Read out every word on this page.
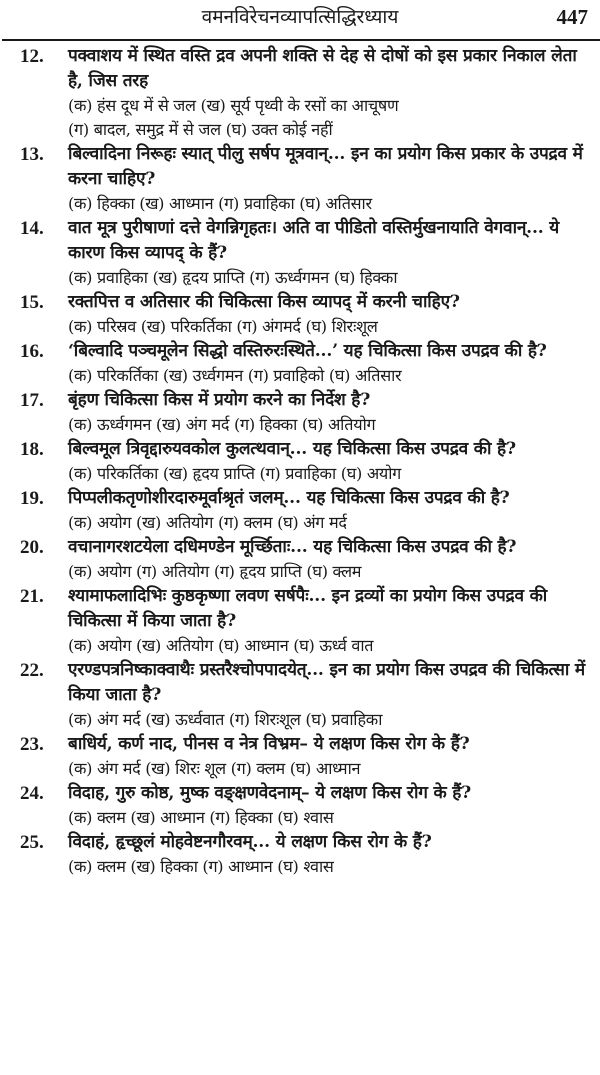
वमनविरेचनव्यापत्सिद्धिरध्याय	447
12. पक्वाशय में स्थित वस्ति द्रव अपनी शक्ति से देह से दोषों को इस प्रकार निकाल लेता है, जिस तरह
(क) हंस दूध में से जल (ख) सूर्य पृथ्वी के रसों का आचूषण
(ग) बादल, समुद्र में से जल (घ) उक्त कोई नहीं
13. बिल्वादिना निरूहः स्यात् पीलु सर्षप मूत्रवान्... इन का प्रयोग किस प्रकार के उपद्रव में करना चाहिए?
(क) हिक्का (ख) आध्मान (ग) प्रवाहिका (घ) अतिसार
14. वात मूत्र पुरीषाणां दत्ते वेगन्निगृहतः। अति वा पीडितो वस्तिर्मुखनायाति वेगवान्... ये कारण किस व्यापद् के हैं?
(क) प्रवाहिका (ख) हृदय प्राप्ति (ग) ऊर्ध्वगमन (घ) हिक्का
15. रक्तपित्त व अतिसार की चिकित्सा किस व्यापद् में करनी चाहिए?
(क) परिस्रव (ख) परिकर्तिका (ग) अंगमर्द (घ) शिरःशूल
16. ‘बिल्वादि पञ्चमूलेन सिद्धो वस्तिरुरःस्थिते...’ यह चिकित्सा किस उपद्रव की है?
(क) परिकर्तिका (ख) उर्ध्वगमन (ग) प्रवाहिको (घ) अतिसार
17. बृंहण चिकित्सा किस में प्रयोग करने का निर्देश है?
(क) ऊर्ध्वगमन (ख) अंग मर्द (ग) हिक्का (घ) अतियोग
18. बिल्वमूल त्रिवृद्दारुयवकोल कुलत्थवान्... यह चिकित्सा किस उपद्रव की है?
(क) परिकर्तिका (ख) हृदय प्राप्ति (ग) प्रवाहिका (घ) अयोग
19. पिप्पलीकतृणोशीरदारुमूर्वाश्रृतं जलम्... यह चिकित्सा किस उपद्रव की है?
(क) अयोग (ख) अतियोग (ग) क्लम (घ) अंग मर्द
20. वचानागरशटयेला दधिमण्डेन मूर्च्छिताः... यह चिकित्सा किस उपद्रव की है?
(क) अयोग (ग) अतियोग (ग) हृदय प्राप्ति (घ) क्लम
21. श्यामाफलादिभिः कुष्ठकृष्णा लवण सर्षपैः... इन द्रव्यों का प्रयोग किस उपद्रव की चिकित्सा में किया जाता है?
(क) अयोग (ख) अतियोग (घ) आध्मान (घ) ऊर्ध्व वात
22. एरण्डपत्रनिष्काक्वाथैः प्रस्तरैश्चोपपादयेत्... इन का प्रयोग किस उपद्रव की चिकित्सा में किया जाता है?
(क) अंग मर्द (ख) ऊर्ध्ववात (ग) शिरःशूल (घ) प्रवाहिका
23. बाधिर्य, कर्ण नाद, पीनस व नेत्र विभ्रम– ये लक्षण किस रोग के हैं?
(क) अंग मर्द (ख) शिरः शूल (ग) क्लम (घ) आध्मान
24. विदाह, गुरु कोष्ठ, मुष्क वङ्क्षणवेदनाम्– ये लक्षण किस रोग के हैं?
(क) क्लम (ख) आध्मान (ग) हिक्का (घ) श्वास
25. विदाहं, हृच्छूलं मोहवेष्टनगौरवम्... ये लक्षण किस रोग के हैं?
(क) क्लम (ख) हिक्का (ग) आध्मान (घ) श्वास
